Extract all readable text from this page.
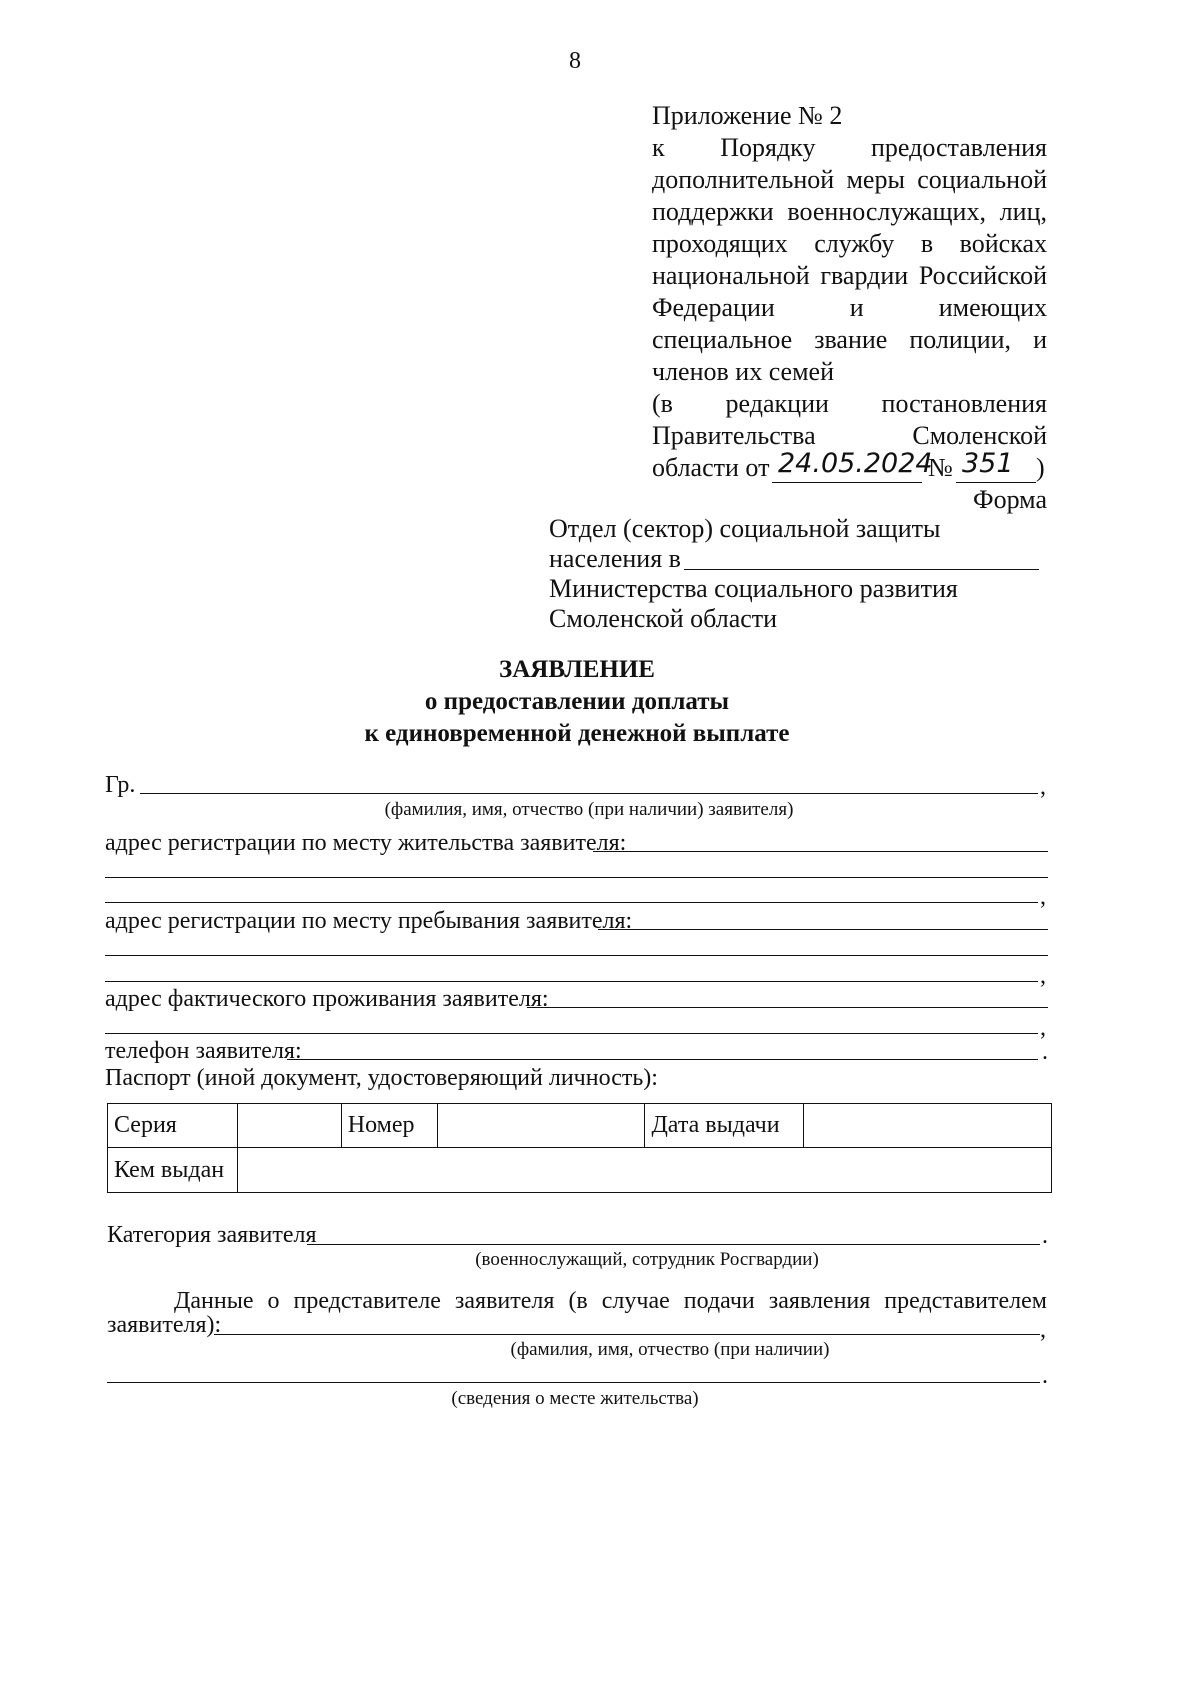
8
Приложение № 2
к Порядку предоставления
дополнительной меры социальной
поддержки военнослужащих, лиц,
проходящих службу в войсках
национальной гвардии Российской
Федерации и имеющих
специальное звание полиции, и
членов их семей
(в редакции постановления
Правительства Смоленской
области от 24.05.2024
№ 351 )
Форма
Отдел (сектор) социальной защиты
населения в
Министерства социального развития
Смоленской области
ЗАЯВЛЕНИЕ
о предоставлении доплаты
к единовременной денежной выплате
Гр.	,
(фамилия, имя, отчество (при наличии) заявителя)
адрес регистрации по месту жительства заявителя:
,
адрес регистрации по месту пребывания заявителя:
,
адрес фактического проживания заявителя:
,
телефон заявителя:	.
Паспорт (иной документ, удостоверяющий личность):
Серия		Номер		Дата выдачи	
Кем выдан					
Категория заявителя	.
(военнослужащий, сотрудник Росгвардии)
Данные о представителе заявителя (в случае подачи заявления представителем
заявителя):	,
(фамилия, имя, отчество (при наличии)
.
(сведения о месте жительства)
